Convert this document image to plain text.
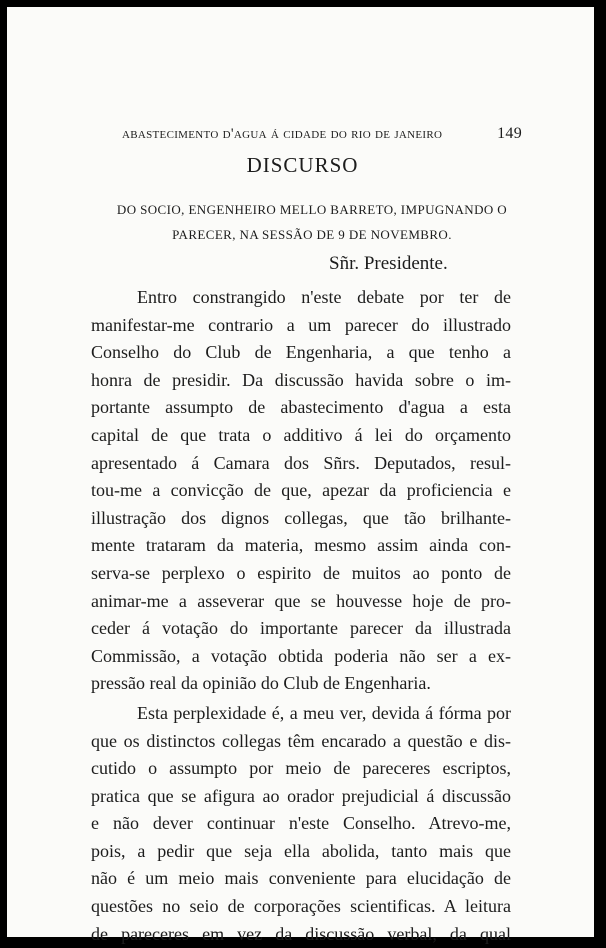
abastecimento d'agua á cidade do rio de janeiro	149
DISCURSO
DO SOCIO, ENGENHEIRO MELLO BARRETO, IMPUGNANDO O
PARECER, NA SESSÃO DE 9 DE NOVEMBRO.
Sñr. Presidente.

Entro constrangido n'este debate por ter de
manifestar-me contrario a um parecer do illustrado
Conselho do Club de Engenharia, a que tenho a
honra de presidir. Da discussão havida sobre o im-
portante assumpto de abastecimento d'agua a esta
capital de que trata o additivo á lei do orçamento
apresentado á Camara dos Sñrs. Deputados, resul-
tou-me a convicção de que, apezar da proficiencia e
illustração dos dignos collegas, que tão brilhante-
mente trataram da materia, mesmo assim ainda con-
serva-se perplexo o espirito de muitos ao ponto de
animar-me a asseverar que se houvesse hoje de pro-
ceder á votação do importante parecer da illustrada
Commissão, a votação obtida poderia não ser a ex-
pressão real da opinião do Club de Engenharia.

Esta perplexidade é, a meu ver, devida á fórma por
que os distinctos collegas têm encarado a questão e dis-
cutido o assumpto por meio de pareceres escriptos,
pratica que se afigura ao orador prejudicial á discussão
e não dever continuar n'este Conselho. Atrevo-me,
pois, a pedir que seja ella abolida, tanto mais que
não é um meio mais conveniente para elucidação de
questões no seio de corporações scientificas. A leitura
de pareceres em vez da discussão verbal, da qual
